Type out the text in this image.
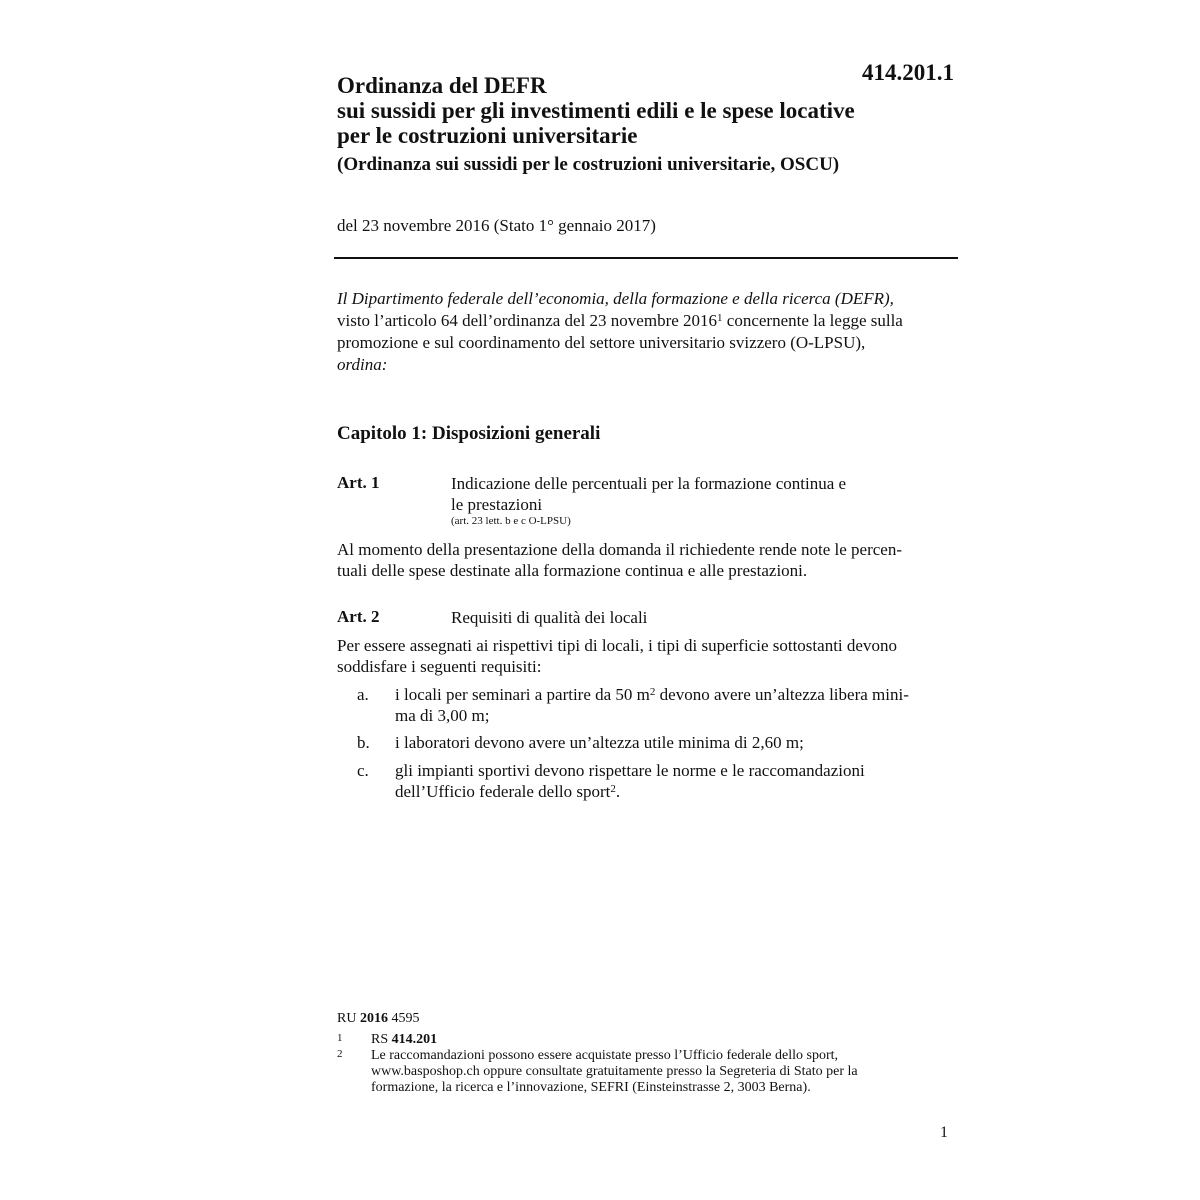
414.201.1
Ordinanza del DEFR
sui sussidi per gli investimenti edili e le spese locative
per le costruzioni universitarie
(Ordinanza sui sussidi per le costruzioni universitarie, OSCU)
del 23 novembre 2016 (Stato 1° gennaio 2017)
Il Dipartimento federale dell’economia, della formazione e della ricerca (DEFR),
visto l’articolo 64 dell’ordinanza del 23 novembre 2016$^1$ concernente la legge sulla
promozione e sul coordinamento del settore universitario svizzero (O-LPSU),
ordina:
Capitolo 1: Disposizioni generali
Art. 1	Indicazione delle percentuali per la formazione continua e
le prestazioni
(art. 23 lett. b e c O-LPSU)
Al momento della presentazione della domanda il richiedente rende note le percen-
tuali delle spese destinate alla formazione continua e alle prestazioni.
Art. 2	Requisiti di qualità dei locali
Per essere assegnati ai rispettivi tipi di locali, i tipi di superficie sottostanti devono
soddisfare i seguenti requisiti:
a. i locali per seminari a partire da 50 $m^2$ devono avere un’altezza libera mini-
ma di 3,00 m;
b. i laboratori devono avere un’altezza utile minima di 2,60 m;
c. gli impianti sportivi devono rispettare le norme e le raccomandazioni
dell’Ufficio federale dello sport$^2$.
RU 2016 4595
1 RS 414.201
2 Le raccomandazioni possono essere acquistate presso l’Ufficio federale dello sport,
www.basposhop.ch oppure consultate gratuitamente presso la Segreteria di Stato per la
formazione, la ricerca e l’innovazione, SEFRI (Einsteinstrasse 2, 3003 Berna).
1
